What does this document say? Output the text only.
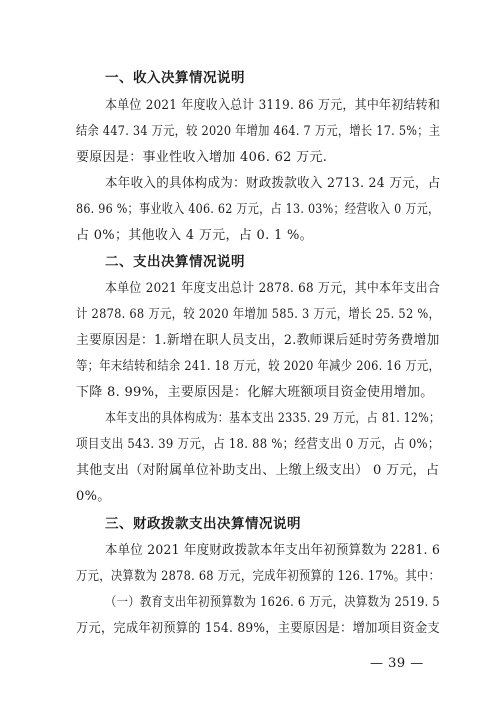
一、收入决算情况说明
本单位 2021 年度收入总计 3119. 86 万元，其中年初结转和
结余 447. 34 万元，较 2020 年增加 464. 7 万元，增长 17. 5%；主
要原因是：事业性收入增加 406. 62 万元.
本年收入的具体构成为：财政拨款收入 2713. 24 万元，占
86. 96 %；事业收入 406. 62 万元，占 13. 03%；经营收入 0 万元，
占 0%；其他收入 4 万元，占 0. 1 %。
二、支出决算情况说明
本单位 2021 年度支出总计 2878. 68 万元，其中本年支出合
计 2878. 68 万元，较 2020 年增加 585. 3 万元，增长 25. 52 %，
主要原因是：1.新增在职人员支出，2.教师课后延时劳务费增加
等；年末结转和结余 241. 18 万元，较 2020 年减少 206. 16 万元，
下降 8. 99%，主要原因是：化解大班额项目资金使用增加。
本年支出的具体构成为：基本支出 2335. 29 万元，占 81. 12%；
项目支出 543. 39 万元，占 18. 88 %；经营支出 0 万元，占 0%；
其他支出（对附属单位补助支出、上缴上级支出） 0 万元，占
0%。
三、财政拨款支出决算情况说明
本单位 2021 年度财政拨款本年支出年初预算数为 2281. 6
万元，决算数为 2878. 68 万元，完成年初预算的 126. 17%。其中：
（一）教育支出年初预算数为 1626. 6 万元，决算数为 2519. 5
万元，完成年初预算的 154. 89%，主要原因是：增加项目资金支
— 39 —
